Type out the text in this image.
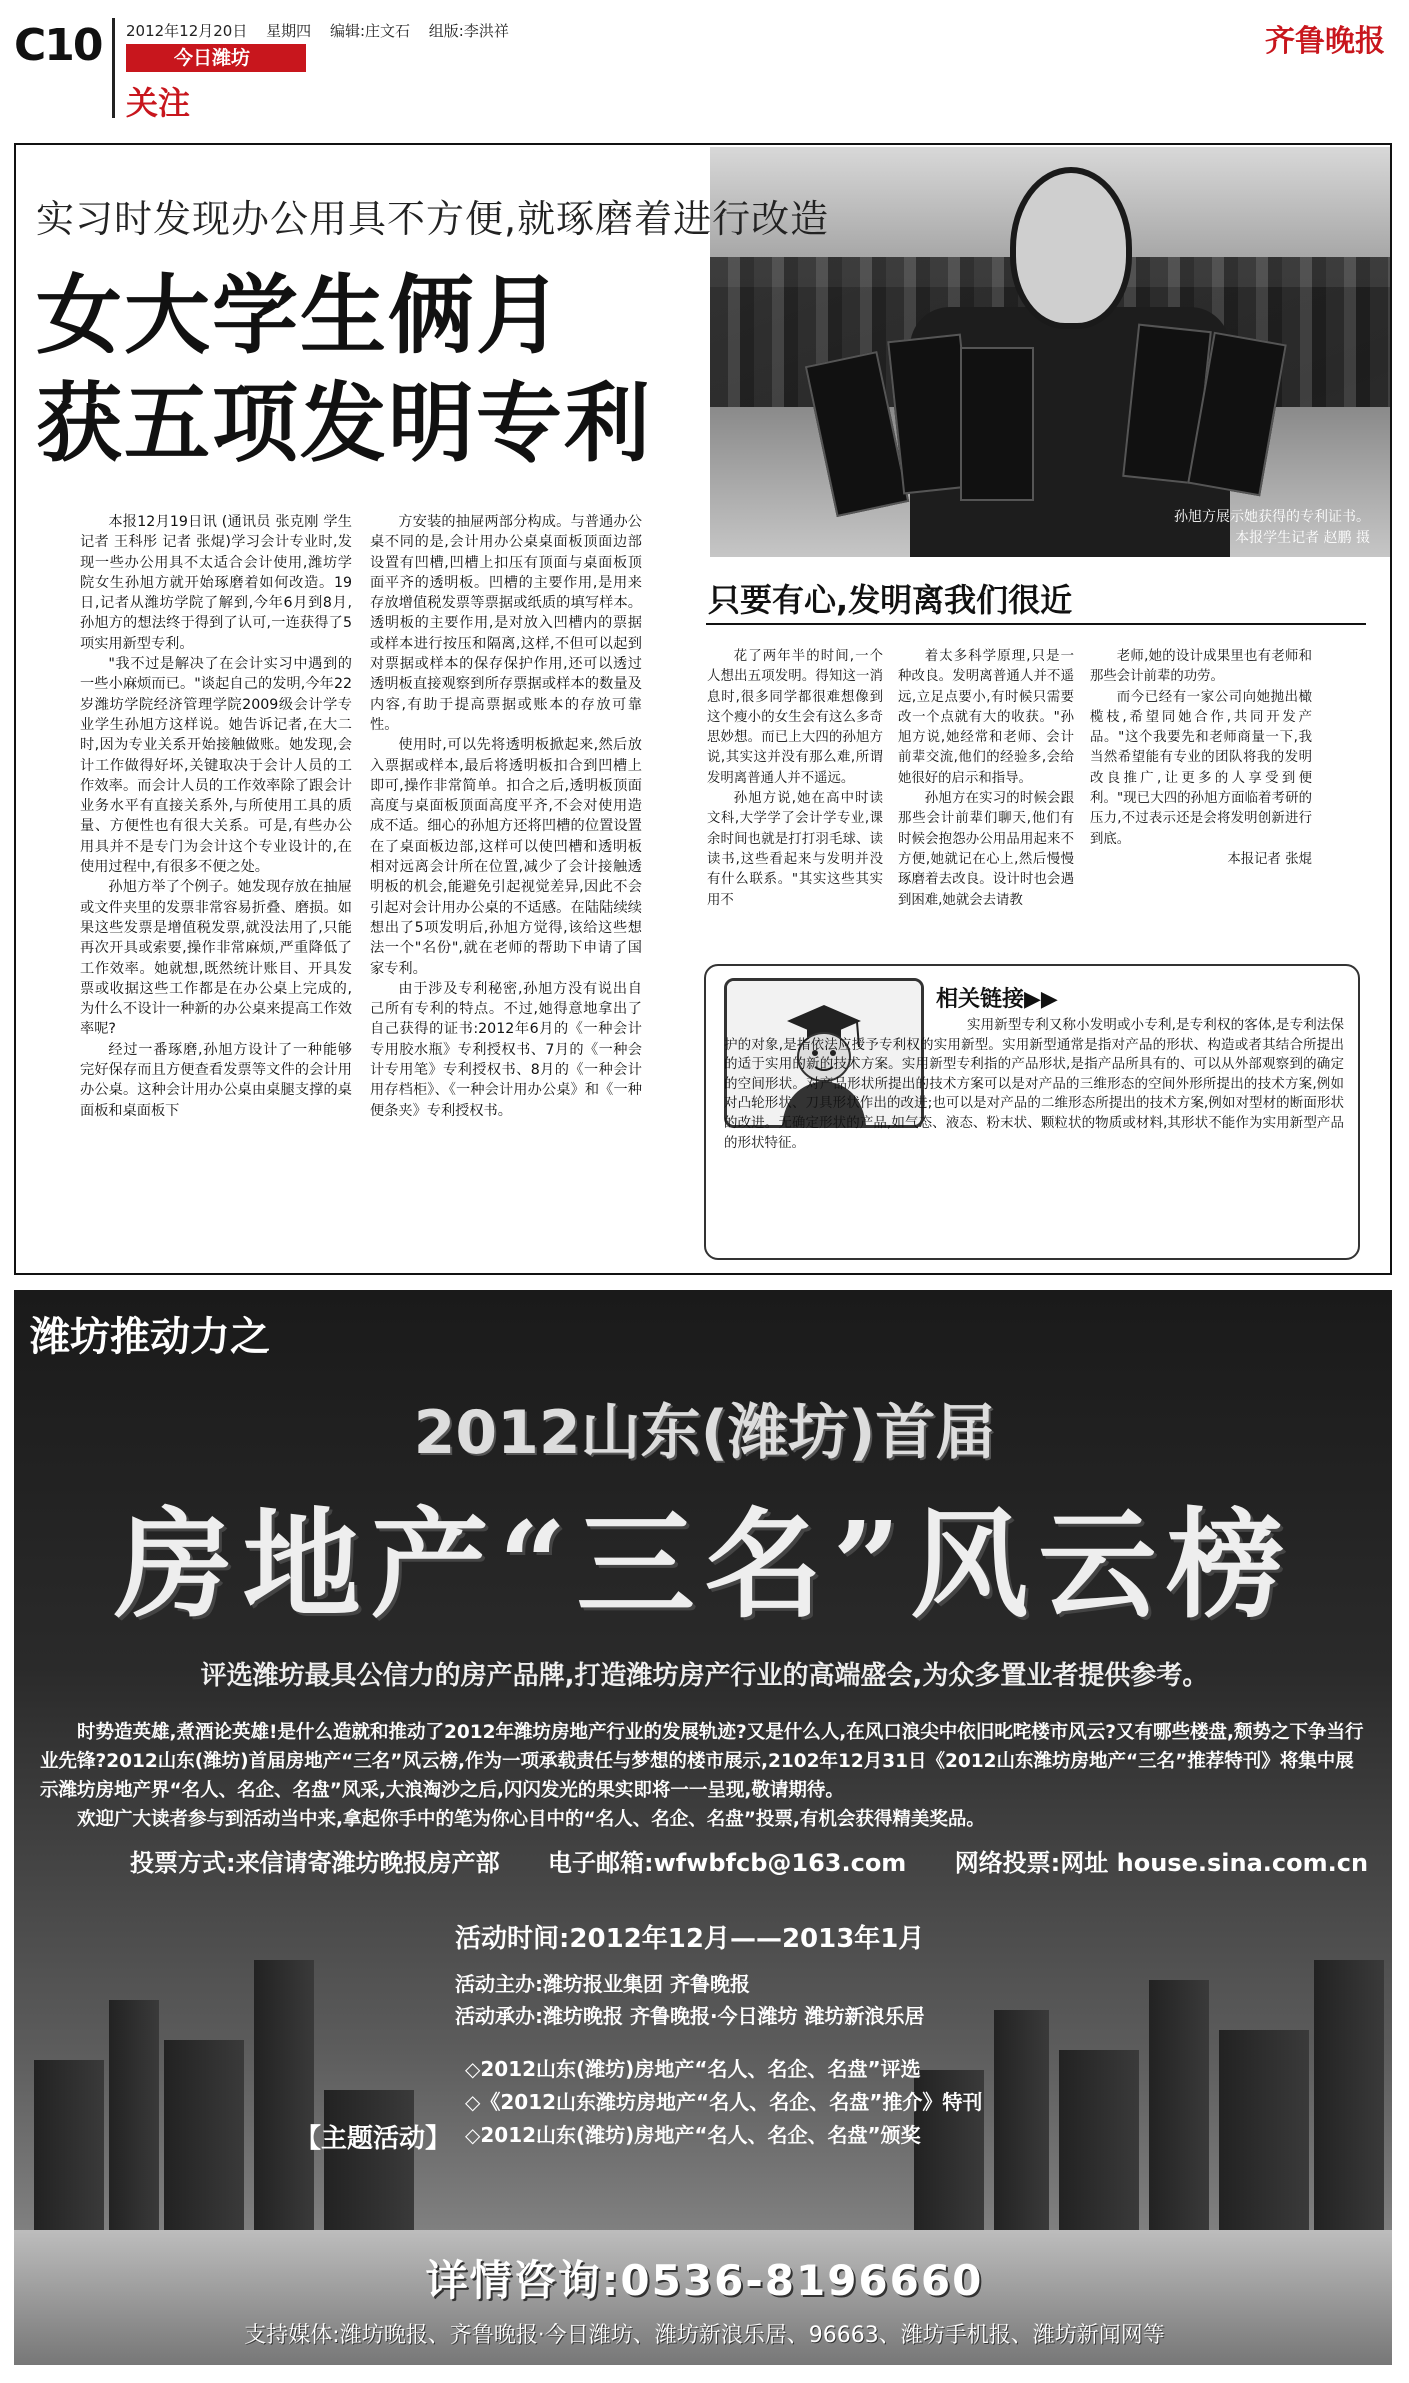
C10 2012年12月20日 星期四 编辑:庄文石 组版:李洪祥
今日潍坊
关注
齐鲁晚报
孙旭方展示她获得的专利证书。
本报学生记者 赵鹏 摄
实习时发现办公用具不方便,就琢磨着进行改造
女大学生俩月
获五项发明专利

本报12月19日讯 (通讯员 张克刚 学生记者 王科彤 记者 张焜)学习会计专业时,发现一些办公用具不太适合会计使用,潍坊学院女生孙旭方就开始琢磨着如何改造。19日,记者从潍坊学院了解到,今年6月到8月,孙旭方的想法终于得到了认可,一连获得了5项实用新型专利。

"我不过是解决了在会计实习中遇到的一些小麻烦而已。"谈起自己的发明,今年22岁潍坊学院经济管理学院2009级会计学专业学生孙旭方这样说。她告诉记者,在大二时,因为专业关系开始接触做账。她发现,会计工作做得好坏,关键取决于会计人员的工作效率。而会计人员的工作效率除了跟会计业务水平有直接关系外,与所使用工具的质量、方便性也有很大关系。可是,有些办公用具并不是专门为会计这个专业设计的,在使用过程中,有很多不便之处。

孙旭方举了个例子。她发现存放在抽屉或文件夹里的发票非常容易折叠、磨损。如果这些发票是增值税发票,就没法用了,只能再次开具或索要,操作非常麻烦,严重降低了工作效率。她就想,既然统计账目、开具发票或收据这些工作都是在办公桌上完成的,为什么不设计一种新的办公桌来提高工作效率呢?

经过一番琢磨,孙旭方设计了一种能够完好保存而且方便查看发票等文件的会计用办公桌。这种会计用办公桌由桌腿支撑的桌面板和桌面板下

方安装的抽屉两部分构成。与普通办公桌不同的是,会计用办公桌桌面板顶面边部设置有凹槽,凹槽上扣压有顶面与桌面板顶面平齐的透明板。凹槽的主要作用,是用来存放增值税发票等票据或纸质的填写样本。透明板的主要作用,是对放入凹槽内的票据或样本进行按压和隔离,这样,不但可以起到对票据或样本的保存保护作用,还可以透过透明板直接观察到所存票据或样本的数量及内容,有助于提高票据或账本的存放可靠性。

使用时,可以先将透明板掀起来,然后放入票据或样本,最后将透明板扣合到凹槽上即可,操作非常简单。扣合之后,透明板顶面高度与桌面板顶面高度平齐,不会对使用造成不适。细心的孙旭方还将凹槽的位置设置在了桌面板边部,这样可以使凹槽和透明板相对远离会计所在位置,减少了会计接触透明板的机会,能避免引起视觉差异,因此不会引起对会计用办公桌的不适感。在陆陆续续想出了5项发明后,孙旭方觉得,该给这些想法一个"名份",就在老师的帮助下申请了国家专利。

由于涉及专利秘密,孙旭方没有说出自己所有专利的特点。不过,她得意地拿出了自己获得的证书:2012年6月的《一种会计专用胶水瓶》专利授权书、7月的《一种会计专用笔》专利授权书、8月的《一种会计用存档柜》、《一种会计用办公桌》和《一种便条夹》专利授权书。

只要有心,发明离我们很近

花了两年半的时间,一个人想出五项发明。得知这一消息时,很多同学都很难想像到这个瘦小的女生会有这么多奇思妙想。而已上大四的孙旭方说,其实这并没有那么难,所谓发明离普通人并不遥远。

孙旭方说,她在高中时读文科,大学学了会计学专业,课余时间也就是打打羽毛球、读读书,这些看起来与发明并没有什么联系。"其实这些其实用不

着太多科学原理,只是一种改良。发明离普通人并不遥远,立足点要小,有时候只需要改一个点就有大的收获。"孙旭方说,她经常和老师、会计前辈交流,他们的经验多,会给她很好的启示和指导。

孙旭方在实习的时候会跟那些会计前辈们聊天,他们有时候会抱怨办公用品用起来不方便,她就记在心上,然后慢慢琢磨着去改良。设计时也会遇到困难,她就会去请教

老师,她的设计成果里也有老师和那些会计前辈的功劳。

而今已经有一家公司向她抛出橄榄枝,希望同她合作,共同开发产品。"这个我要先和老师商量一下,我当然希望能有专业的团队将我的发明改良推广,让更多的人享受到便利。"现已大四的孙旭方面临着考研的压力,不过表示还是会将发明创新进行到底。

本报记者 张焜
相关链接▶▶

实用新型专利又称小发明或小专利,是专利权的客体,是专利法保护的对象,是指依法应授予专利权的实用新型。实用新型通常是指对产品的形状、构造或者其结合所提出的适于实用的新的技术方案。实用新型专利指的产品形状,是指产品所具有的、可以从外部观察到的确定的空间形状。对产品形状所提出的技术方案可以是对产品的三维形态的空间外形所提出的技术方案,例如对凸轮形状、刀具形状作出的改进;也可以是对产品的二维形态所提出的技术方案,例如对型材的断面形状的改进。无确定形状的产品,如气态、液态、粉末状、颗粒状的物质或材料,其形状不能作为实用新型产品的形状特征。

潍坊推动力之
2012山东(潍坊)首届
房地产“三名”风云榜
评选潍坊最具公信力的房产品牌,打造潍坊房产行业的高端盛会,为众多置业者提供参考。

时势造英雄,煮酒论英雄!是什么造就和推动了2012年潍坊房地产行业的发展轨迹?又是什么人,在风口浪尖中依旧叱咤楼市风云?又有哪些楼盘,颓势之下争当行业先锋?2012山东(潍坊)首届房地产“三名”风云榜,作为一项承载责任与梦想的楼市展示,2102年12月31日《2012山东潍坊房地产“三名”推荐特刊》将集中展示潍坊房地产界“名人、名企、名盘”风采,大浪淘沙之后,闪闪发光的果实即将一一呈现,敬请期待。

欢迎广大读者参与到活动当中来,拿起你手中的笔为你心目中的“名人、名企、名盘”投票,有机会获得精美奖品。

投票方式:来信请寄潍坊晚报房产部 电子邮箱:wfwbfcb@163.com 网络投票:网址 house.sina.com.cn
活动时间:2012年12月——2013年1月
活动主办:潍坊报业集团 齐鲁晚报
活动承办:潍坊晚报 齐鲁晚报·今日潍坊 潍坊新浪乐居
【主题活动】
◇2012山东(潍坊)房地产“名人、名企、名盘”评选
◇《2012山东潍坊房地产“名人、名企、名盘”推介》特刊
◇2012山东(潍坊)房地产“名人、名企、名盘”颁奖
详情咨询:0536-8196660
支持媒体:潍坊晚报、齐鲁晚报·今日潍坊、潍坊新浪乐居、96663、潍坊手机报、潍坊新闻网等
